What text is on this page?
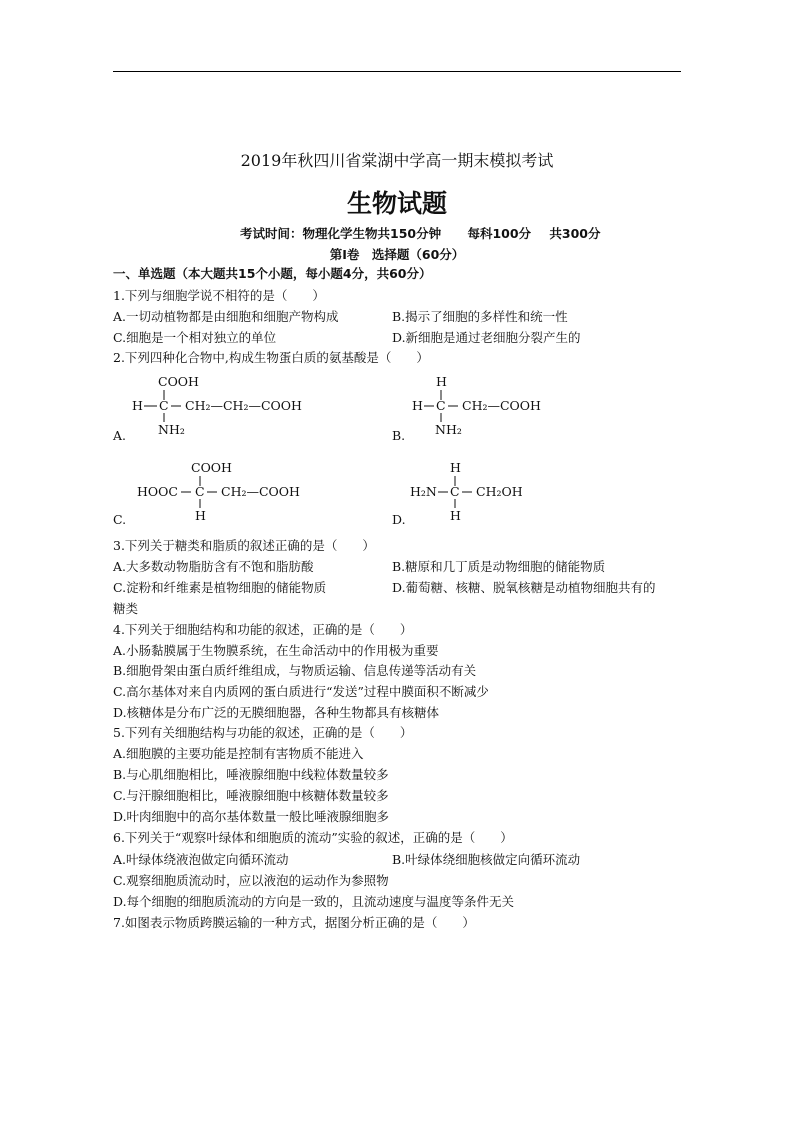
2019年秋四川省棠湖中学高一期末模拟考试
生物试题
考试时间：物理化学生物共150分钟 每科100分 共300分
第Ⅰ卷　选择题（60分）
一、单选题（本大题共15个小题，每小题4分，共60分）
1.下列与细胞学说不相符的是（　　）
A.一切动植物都是由细胞和细胞产物构成	B.揭示了细胞的多样性和统一性
C.细胞是一个相对独立的单位	D.新细胞是通过老细胞分裂产生的
2.下列四种化合物中,构成生物蛋白质的氨基酸是（　　）
COOH
H C CH₂—CH₂—COOH
NH₂
A.
H
H C CH₂—COOH
NH₂
B.
COOH
HOOC C CH₂—COOH
H
C.
H
H₂N C CH₂OH
H
D.
3.下列关于糖类和脂质的叙述正确的是（　　）
A.大多数动物脂肪含有不饱和脂肪酸	B.糖原和几丁质是动物细胞的储能物质
C.淀粉和纤维素是植物细胞的储能物质	D.葡萄糖、核糖、脱氧核糖是动植物细胞共有的
糖类
4.下列关于细胞结构和功能的叙述，正确的是（　　）
A.小肠黏膜属于生物膜系统，在生命活动中的作用极为重要
B.细胞骨架由蛋白质纤维组成，与物质运输、信息传递等活动有关
C.高尔基体对来自内质网的蛋白质进行“发送”过程中膜面积不断减少
D.核糖体是分布广泛的无膜细胞器，各种生物都具有核糖体
5.下列有关细胞结构与功能的叙述，正确的是（　　）
A.细胞膜的主要功能是控制有害物质不能进入
B.与心肌细胞相比，唾液腺细胞中线粒体数量较多
C.与汗腺细胞相比，唾液腺细胞中核糖体数量较多
D.叶肉细胞中的高尔基体数量一般比唾液腺细胞多
6.下列关于“观察叶绿体和细胞质的流动”实验的叙述，正确的是（　　）
A.叶绿体绕液泡做定向循环流动	B.叶绿体绕细胞核做定向循环流动
C.观察细胞质流动时，应以液泡的运动作为参照物
D.每个细胞的细胞质流动的方向是一致的，且流动速度与温度等条件无关
7.如图表示物质跨膜运输的一种方式，据图分析正确的是（　　）
